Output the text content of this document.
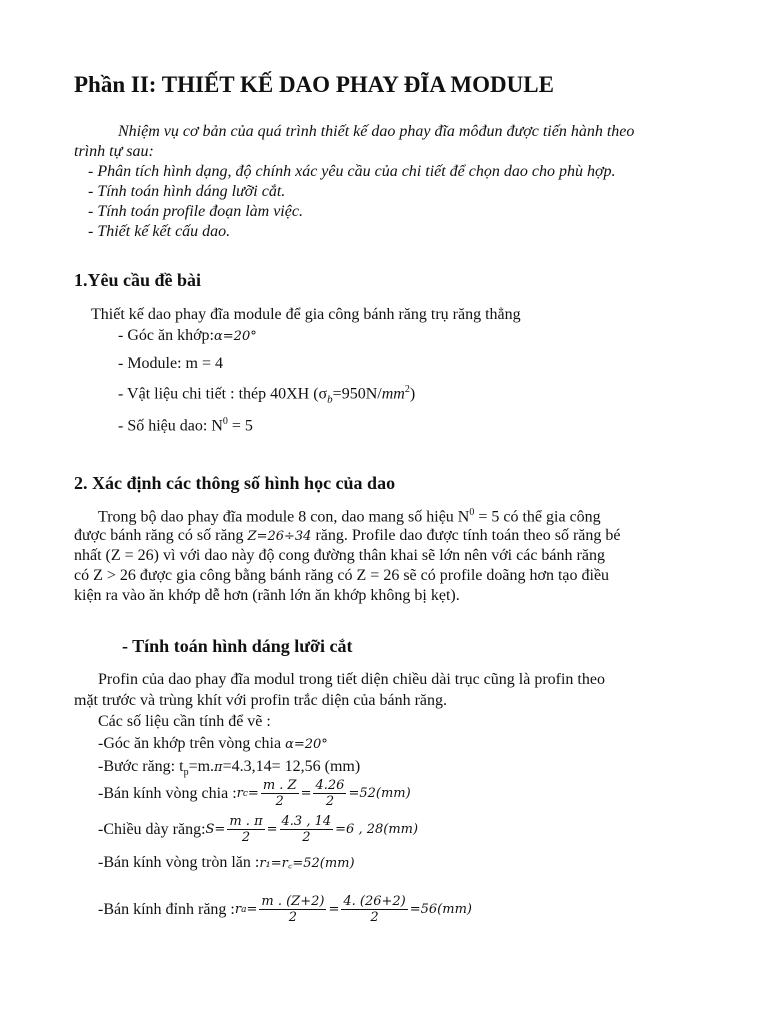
Phần II: THIẾT KẾ DAO PHAY ĐĨA MODULE
Nhiệm vụ cơ bản của quá trình thiết kế dao phay đĩa môđun được tiến hành theo
trình tự sau:
- Phân tích hình dạng, độ chính xác yêu cầu của chi tiết để chọn dao cho phù hợp.
- Tính toán hình dáng lưỡi cắt.
- Tính toán profile đoạn làm việc.
- Thiết kế kết cấu dao.
1.Yêu cầu đề bài
Thiết kế dao phay đĩa module để gia công bánh răng trụ răng thẳng
- Góc ăn khớp:α=20°
- Module: m = 4
- Vật liệu chi tiết : thép 40XH $(\sigma_b=950N/mm^2)$
- Số hiệu dao: $N^0 = 5$
2. Xác định các thông số hình học của dao
Trong bộ dao phay đĩa module 8 con, dao mang số hiệu $N^0 = 5$ có thể gia công
được bánh răng có số răng Z=26÷34 răng. Profile dao được tính toán theo số răng bé
nhất (Z = 26) vì với dao này độ cong đường thân khai sẽ lớn nên với các bánh răng
có Z > 26 được gia công bằng bánh răng có Z = 26 sẽ có profile doãng hơn tạo điều
kiện ra vào ăn khớp dễ hơn (rãnh lớn ăn khớp không bị kẹt).
- Tính toán hình dáng lưỡi cắt
Profin của dao phay đĩa modul trong tiết diện chiều dài trục cũng là profin theo
mặt trước và trùng khít với profin trắc diện của bánh răng.
Các số liệu cần tính để vẽ :
-Góc ăn khớp trên vòng chia α=20°
-Bước răng: $t_p=m.\pi=4.3,14= 12,56$ (mm)
-Bán kính vòng chia : r $c = \frac{m . Z}{2} = \frac{4.26}{2} =52(mm)$
-Chiều dày răng: $S= \frac{m . \pi}{2} = \frac{4.3 , 14}{2} =6$ , 28(mm)
-Bán kính vòng tròn lăn :r₁=r꜀=52(mm)
-Bán kính đỉnh răng : r $a = \frac{m . (Z+2)}{2} = \frac{4. (26+2)}{2} =56(mm)$
